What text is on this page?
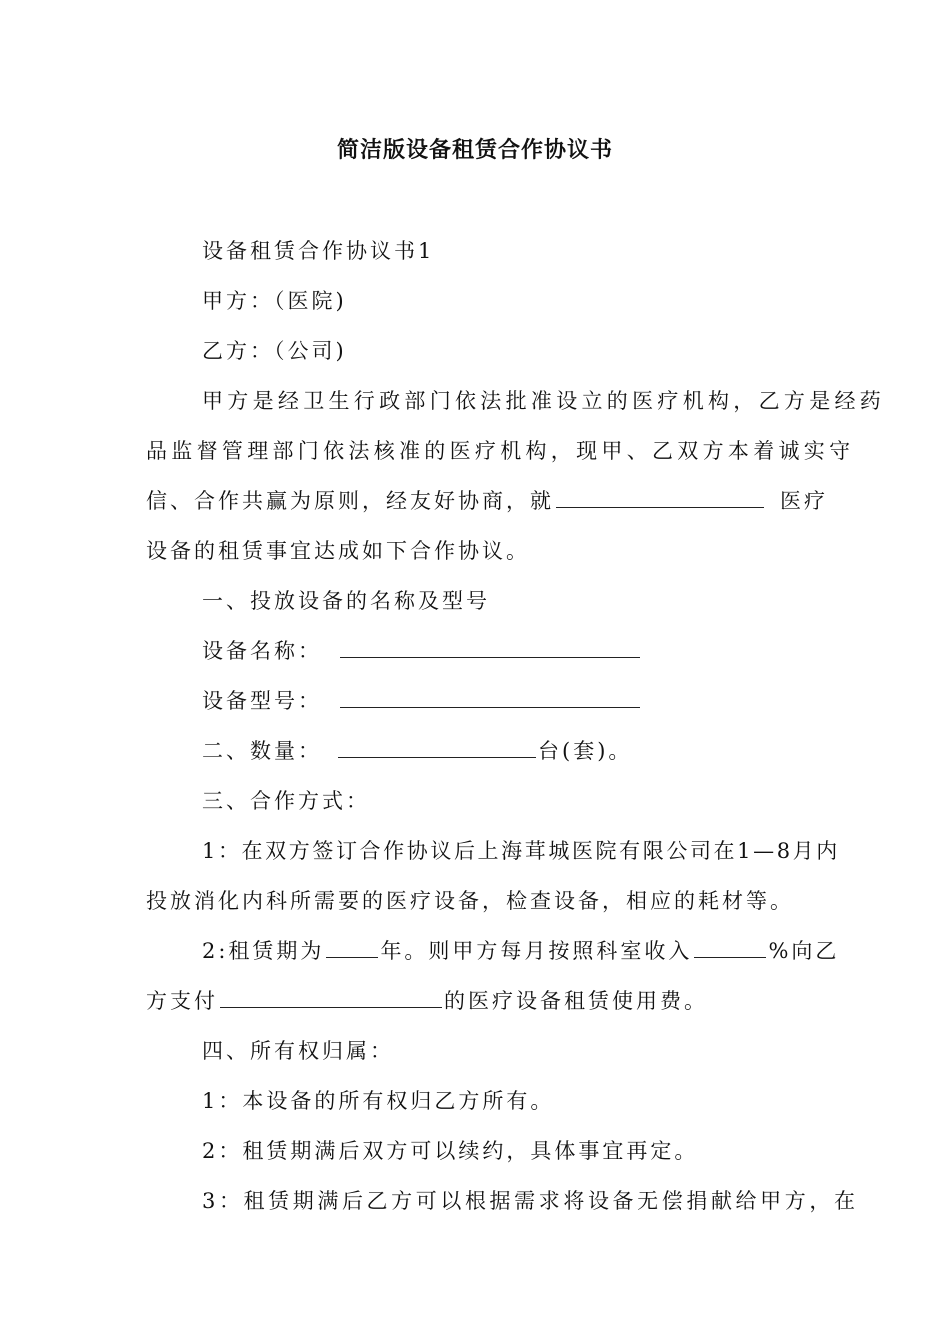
简洁版设备租赁合作协议书
设备租赁合作协议书1
甲方：（医院)
乙方：（公司)
甲方是经卫生行政部门依法批准设立的医疗机构，乙方是经药
品监督管理部门依法核准的医疗机构，现甲、乙双方本着诚实守
信、合作共赢为原则，经友好协商，就	医疗
设备的租赁事宜达成如下合作协议。
一、投放设备的名称及型号
设备名称：
设备型号：
二、数量：	台(套)。
三、合作方式：
1：在双方签订合作协议后上海茸城医院有限公司在1—8月内
投放消化内科所需要的医疗设备，检查设备，相应的耗材等。
2:租赁期为	年。则甲方每月按照科室收入	%向乙
方支付	的医疗设备租赁使用费。
四、所有权归属：
1：本设备的所有权归乙方所有。
2：租赁期满后双方可以续约，具体事宜再定。
3：租赁期满后乙方可以根据需求将设备无偿捐献给甲方，在
